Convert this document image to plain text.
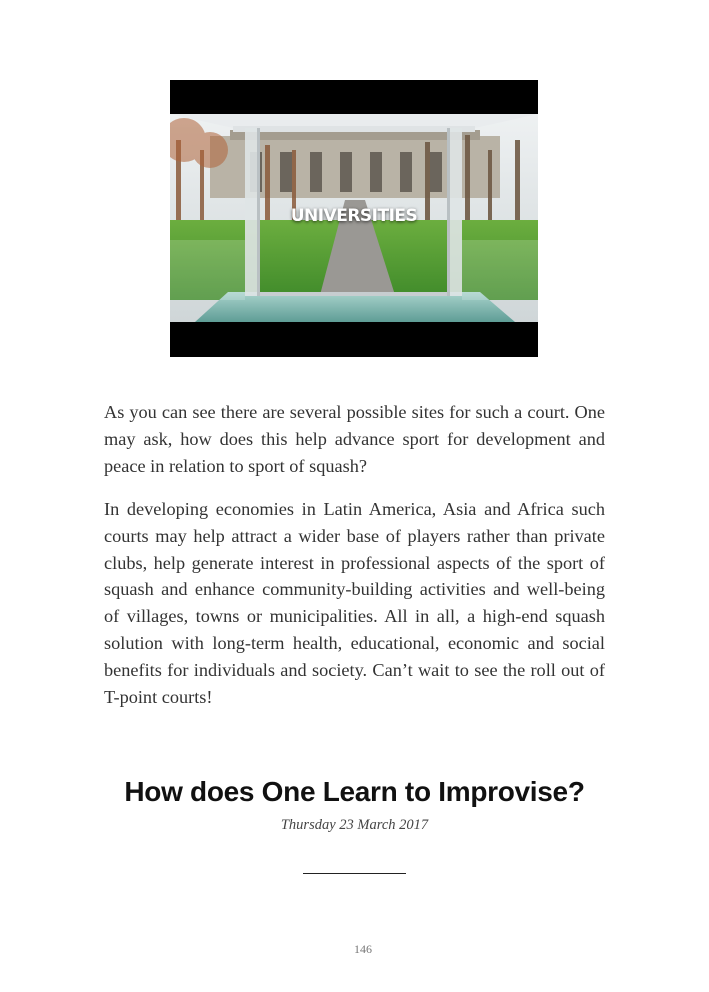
UNIVERSITIES

As you can see there are several possible sites for such a court. One may ask, how does this help advance sport for development and peace in relation to sport of squash?

In developing economies in Latin America, Asia and Africa such courts may help attract a wider base of players rather than private clubs, help generate interest in professional aspects of the sport of squash and enhance community-building activities and well-being of villages, towns or municipalities. All in all, a high-end squash solution with long-term health, educational, economic and social benefits for individuals and society. Can’t wait to see the roll out of T-point courts!

How does One Learn to Improvise?
Thursday 23 March 2017
146
